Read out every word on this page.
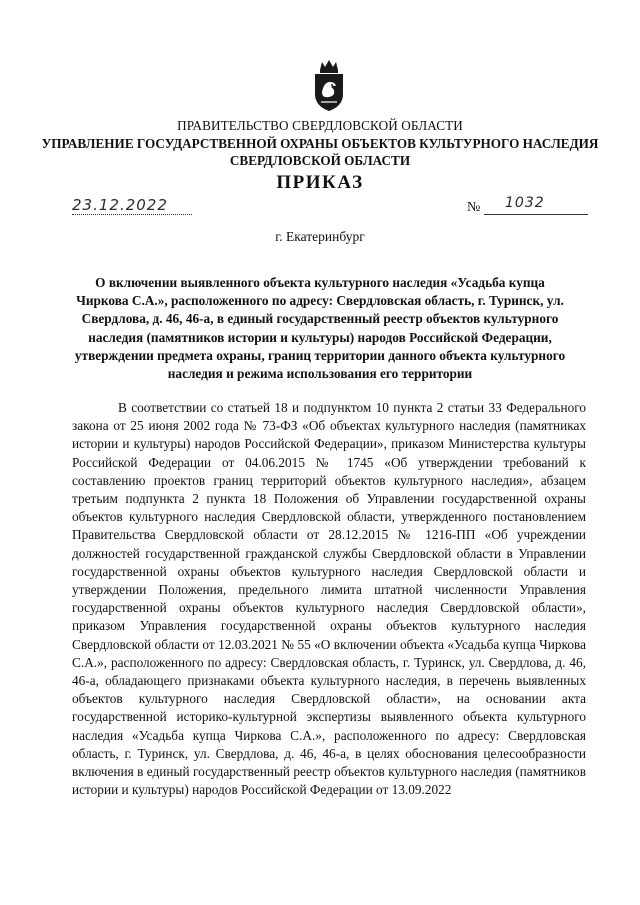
ПРАВИТЕЛЬСТВО СВЕРДЛОВСКОЙ ОБЛАСТИ
УПРАВЛЕНИЕ ГОСУДАРСТВЕННОЙ ОХРАНЫ ОБЪЕКТОВ КУЛЬТУРНОГО НАСЛЕДИЯ
СВЕРДЛОВСКОЙ ОБЛАСТИ
ПРИКАЗ
23.12.2022	№ 1032
г. Екатеринбург
О включении выявленного объекта культурного наследия «Усадьба купца Чиркова С.А.», расположенного по адресу: Свердловская область, г. Туринск, ул. Свердлова, д. 46, 46-а, в единый государственный реестр объектов культурного наследия (памятников истории и культуры) народов Российской Федерации, утверждении предмета охраны, границ территории данного объекта культурного наследия и режима использования его территории
В соответствии со статьей 18 и подпунктом 10 пункта 2 статьи 33 Федерального закона от 25 июня 2002 года № 73-ФЗ «Об объектах культурного наследия (памятниках истории и культуры) народов Российской Федерации», приказом Министерства культуры Российской Федерации от 04.06.2015 № 1745 «Об утверждении требований к составлению проектов границ территорий объектов культурного наследия», абзацем третьим подпункта 2 пункта 18 Положения об Управлении государственной охраны объектов культурного наследия Свердловской области, утвержденного постановлением Правительства Свердловской области от 28.12.2015 № 1216-ПП «Об учреждении должностей государственной гражданской службы Свердловской области в Управлении государственной охраны объектов культурного наследия Свердловской области и утверждении Положения, предельного лимита штатной численности Управления государственной охраны объектов культурного наследия Свердловской области», приказом Управления государственной охраны объектов культурного наследия Свердловской области от 12.03.2021 № 55 «О включении объекта «Усадьба купца Чиркова С.А.», расположенного по адресу: Свердловская область, г. Туринск, ул. Свердлова, д. 46, 46-а, обладающего признаками объекта культурного наследия, в перечень выявленных объектов культурного наследия Свердловской области», на основании акта государственной историко-культурной экспертизы выявленного объекта культурного наследия «Усадьба купца Чиркова С.А.», расположенного по адресу: Свердловская область, г. Туринск, ул. Свердлова, д. 46, 46-а, в целях обоснования целесообразности включения в единый государственный реестр объектов культурного наследия (памятников истории и культуры) народов Российской Федерации от 13.09.2022
